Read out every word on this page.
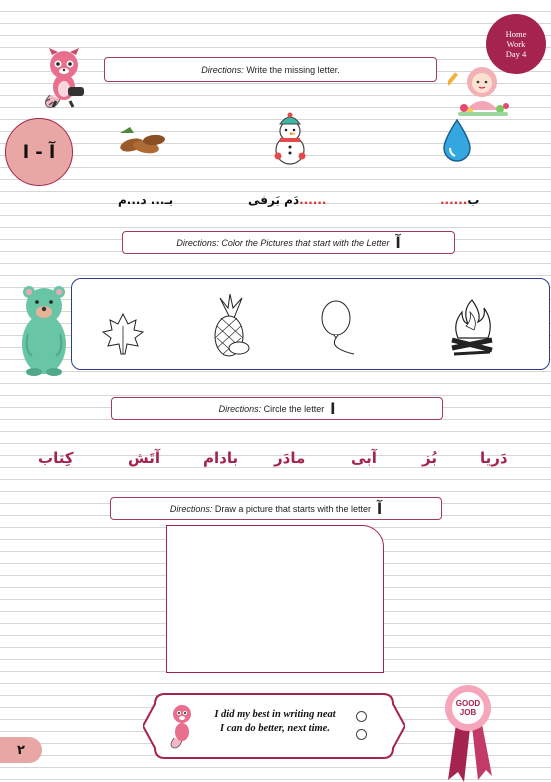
Home
Work
Day 4
Directions: Write the missing letter.
آ - ا
ب......
......دَم بَرفی
بـ... د...م
Directions: Color the Pictures that start with the Letter آ
Directions: Circle the letter ا
دَریا
بُز
آبی
مادَر
بادام
آتَش
کِتاب
Directions: Draw a picture that starts with the letter آ
I did my best in writing neat
I can do better, next time.
GOOD
JOB
۲
